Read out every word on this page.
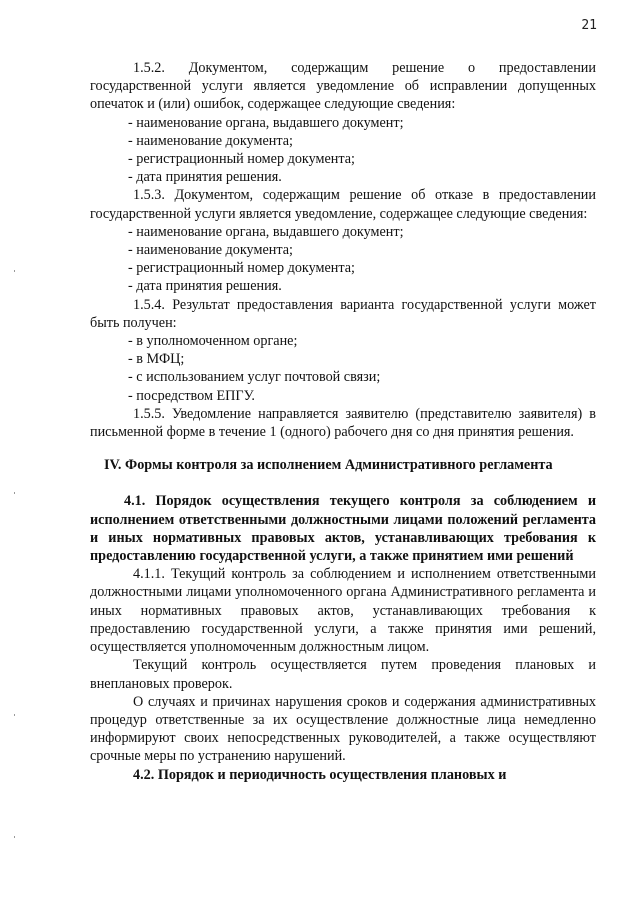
21

1.5.2. Документом, содержащим решение о предоставлении государственной услуги является уведомление об исправлении допущенных опечаток и (или) ошибок, содержащее следующие сведения:

- наименование органа, выдавшего документ;

- наименование документа;

- регистрационный номер документа;

- дата принятия решения.

1.5.3. Документом, содержащим решение об отказе в предоставлении государственной услуги является уведомление, содержащее следующие сведения:

- наименование органа, выдавшего документ;

- наименование документа;

- регистрационный номер документа;

- дата принятия решения.

1.5.4. Результат предоставления варианта государственной услуги может быть получен:

- в уполномоченном органе;

- в МФЦ;

- с использованием услуг почтовой связи;

- посредством ЕПГУ.

1.5.5. Уведомление направляется заявителю (представителю заявителя) в письменной форме в течение 1 (одного) рабочего дня со дня принятия решения.

IV. Формы контроля за исполнением Административного регламента

4.1. Порядок осуществления текущего контроля за соблюдением и исполнением ответственными должностными лицами положений регламента и иных нормативных правовых актов, устанавливающих требования к предоставлению государственной услуги, а также принятием ими решений

4.1.1. Текущий контроль за соблюдением и исполнением ответственными должностными лицами уполномоченного органа Административного регламента и иных нормативных правовых актов, устанавливающих требования к предоставлению государственной услуги, а также принятия ими решений, осуществляется уполномоченным должностным лицом.

Текущий контроль осуществляется путем проведения плановых и внеплановых проверок.

О случаях и причинах нарушения сроков и содержания административных процедур ответственные за их осуществление должностные лица немедленно информируют своих непосредственных руководителей, а также осуществляют срочные меры по устранению нарушений.

4.2. Порядок и периодичность осуществления плановых и
